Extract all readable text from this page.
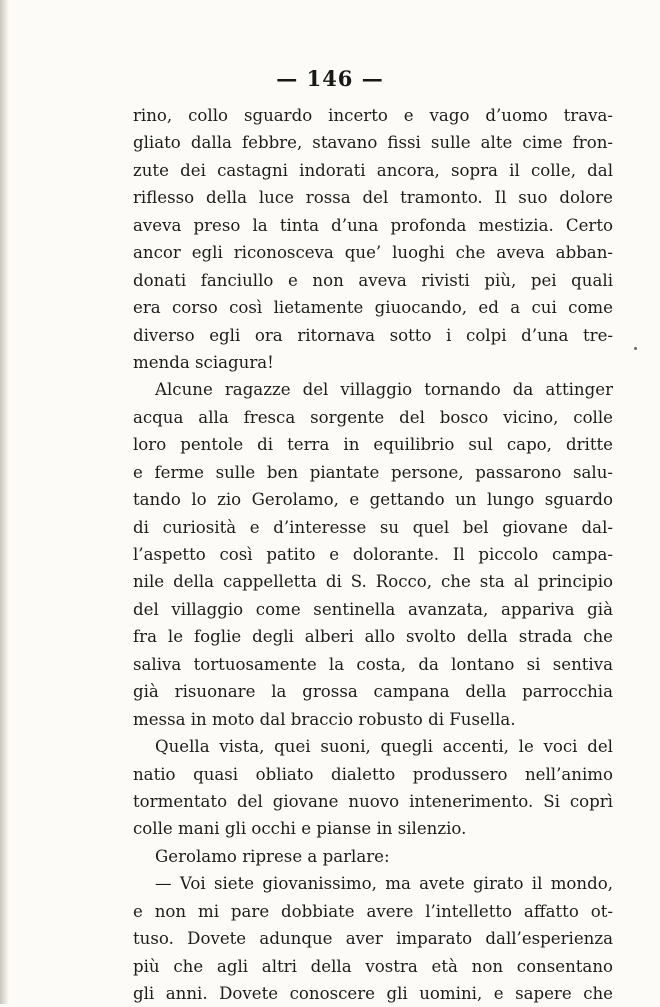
— 146 —
rino, collo sguardo incerto e vago d’uomo trava-
gliato dalla febbre, stavano fissi sulle alte cime fron-
zute dei castagni indorati ancora, sopra il colle, dal
riflesso della luce rossa del tramonto. Il suo dolore
aveva preso la tinta d’una profonda mestizia. Certo
ancor egli riconosceva que’ luoghi che aveva abban-
donati fanciullo e non aveva rivisti più, pei quali
era corso così lietamente giuocando, ed a cui come
diverso egli ora ritornava sotto i colpi d’una tre-
menda sciagura!
Alcune ragazze del villaggio tornando da attinger
acqua alla fresca sorgente del bosco vicino, colle
loro pentole di terra in equilibrio sul capo, dritte
e ferme sulle ben piantate persone, passarono salu-
tando lo zio Gerolamo, e gettando un lungo sguardo
di curiosità e d’interesse su quel bel giovane dal-
l’aspetto così patito e dolorante. Il piccolo campa-
nile della cappelletta di S. Rocco, che sta al principio
del villaggio come sentinella avanzata, appariva già
fra le foglie degli alberi allo svolto della strada che
saliva tortuosamente la costa, da lontano si sentiva
già risuonare la grossa campana della parrocchia
messa in moto dal braccio robusto di Fusella.
Quella vista, quei suoni, quegli accenti, le voci del
natio quasi obliato dialetto produssero nell’animo
tormentato del giovane nuovo intenerimento. Si coprì
colle mani gli occhi e pianse in silenzio.
Gerolamo riprese a parlare:
— Voi siete giovanissimo, ma avete girato il mondo,
e non mi pare dobbiate avere l’intelletto affatto ot-
tuso. Dovete adunque aver imparato dall’esperienza
più che agli altri della vostra età non consentano
gli anni. Dovete conoscere gli uomini, e sapere che
